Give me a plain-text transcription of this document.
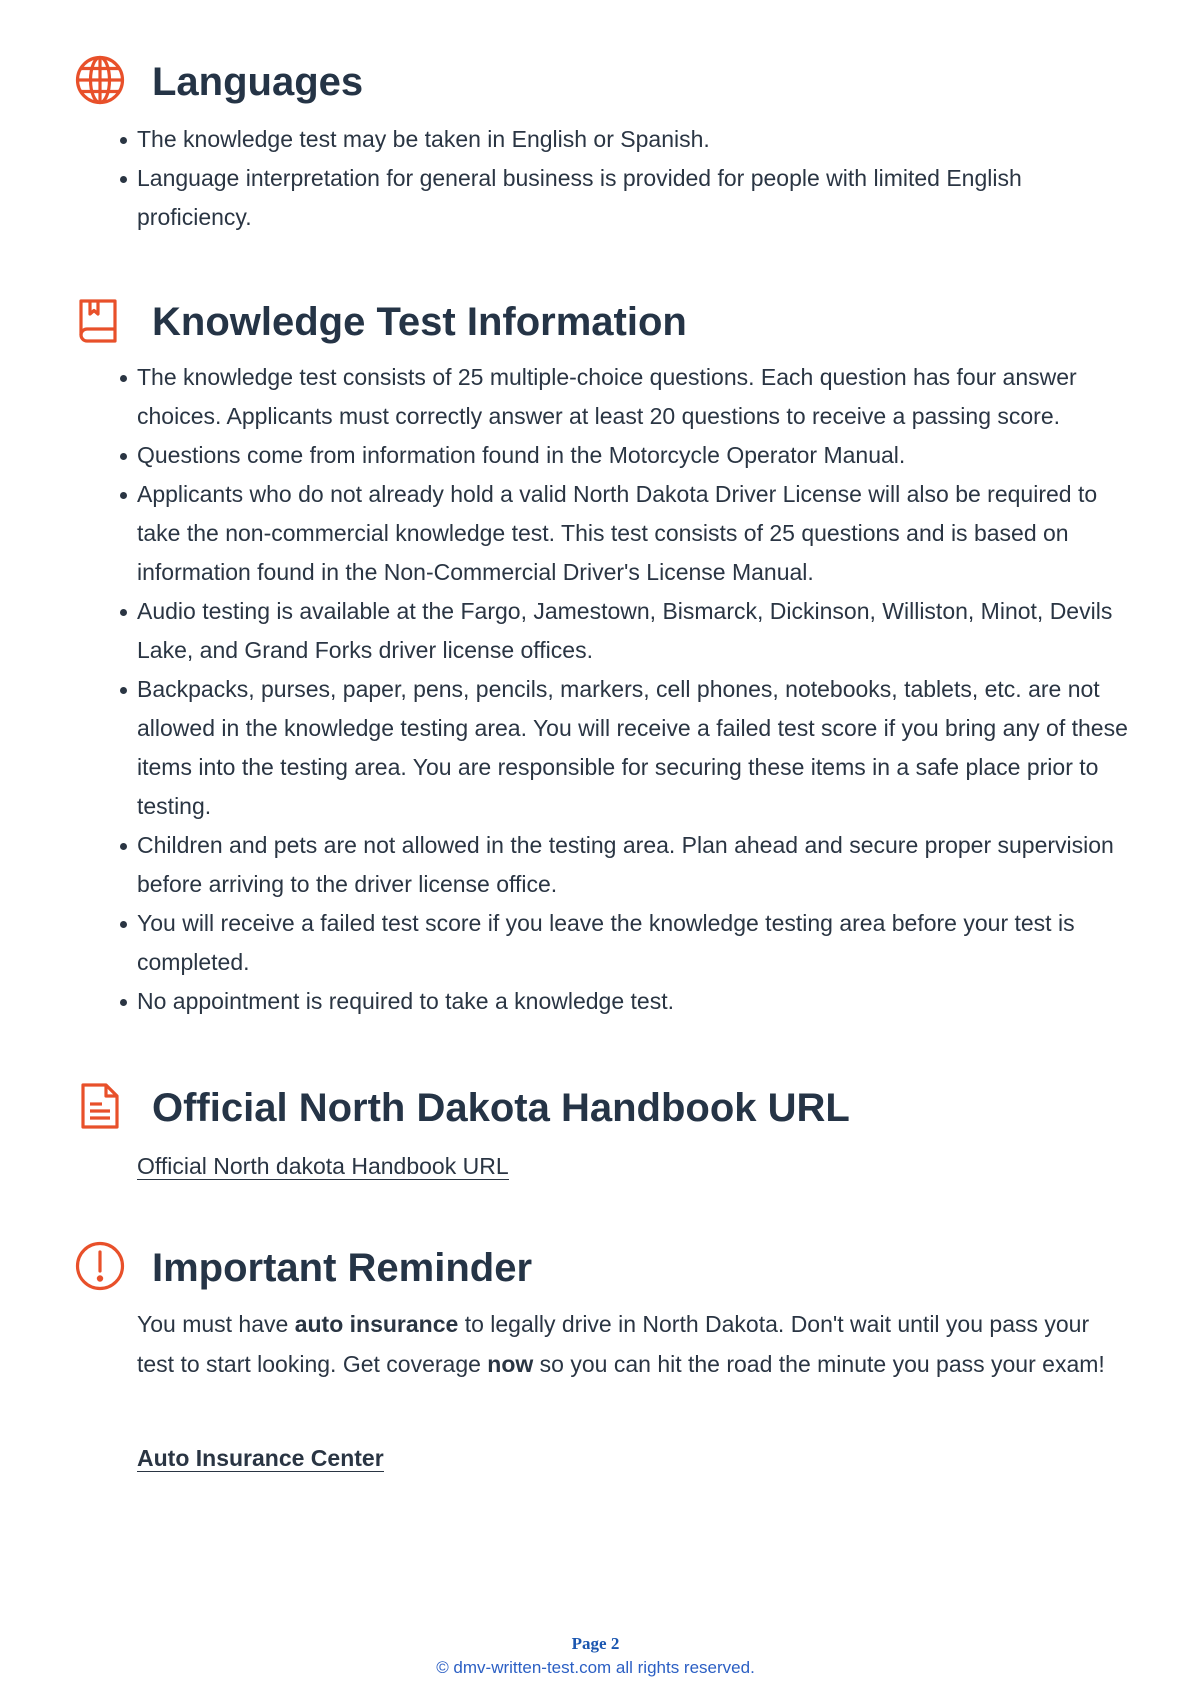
Languages
The knowledge test may be taken in English or Spanish.
Language interpretation for general business is provided for people with limited English proficiency.
Knowledge Test Information
The knowledge test consists of 25 multiple-choice questions. Each question has four answer choices. Applicants must correctly answer at least 20 questions to receive a passing score.
Questions come from information found in the Motorcycle Operator Manual.
Applicants who do not already hold a valid North Dakota Driver License will also be required to take the non-commercial knowledge test. This test consists of 25 questions and is based on information found in the Non-Commercial Driver's License Manual.
Audio testing is available at the Fargo, Jamestown, Bismarck, Dickinson, Williston, Minot, Devils Lake, and Grand Forks driver license offices.
Backpacks, purses, paper, pens, pencils, markers, cell phones, notebooks, tablets, etc. are not allowed in the knowledge testing area. You will receive a failed test score if you bring any of these items into the testing area. You are responsible for securing these items in a safe place prior to testing.
Children and pets are not allowed in the testing area. Plan ahead and secure proper supervision before arriving to the driver license office.
You will receive a failed test score if you leave the knowledge testing area before your test is completed.
No appointment is required to take a knowledge test.
Official North Dakota Handbook URL

Official North dakota Handbook URL

Important Reminder

You must have auto insurance to legally drive in North Dakota. Don't wait until you pass your test to start looking. Get coverage now so you can hit the road the minute you pass your exam!

Auto Insurance Center

Page 2
© dmv-written-test.com all rights reserved.
